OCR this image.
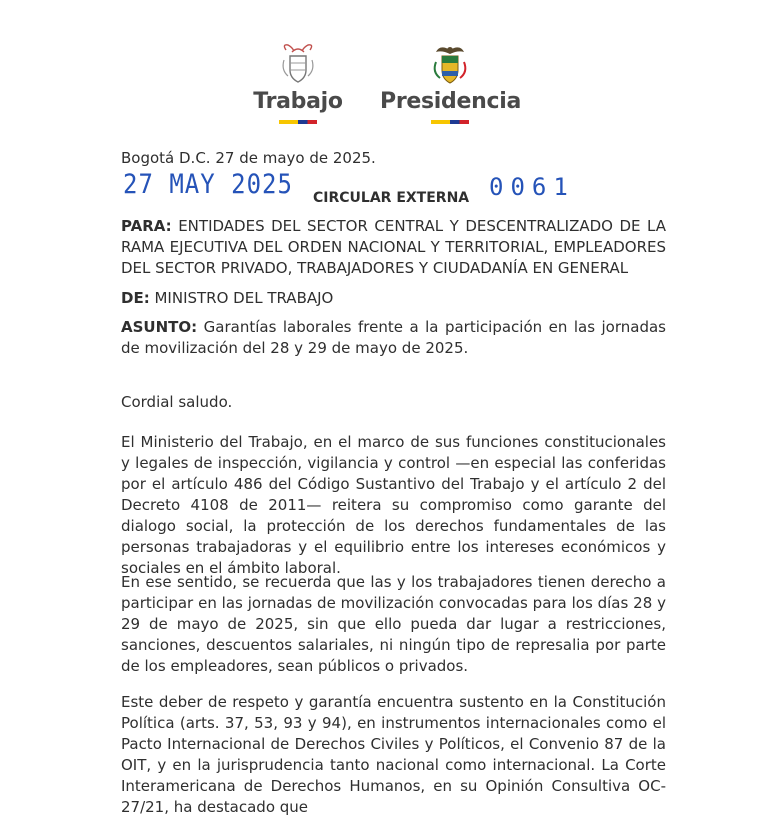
Trabajo Presidencia
Bogotá D.C. 27 de mayo de 2025.
27 MAY 2025 CIRCULAR EXTERNA 0061
PARA: ENTIDADES DEL SECTOR CENTRAL Y DESCENTRALIZADO DE LA RAMA EJECUTIVA DEL ORDEN NACIONAL Y TERRITORIAL, EMPLEADORES DEL SECTOR PRIVADO, TRABAJADORES Y CIUDADANÍA EN GENERAL
DE: MINISTRO DEL TRABAJO
ASUNTO: Garantías laborales frente a la participación en las jornadas de movilización del 28 y 29 de mayo de 2025.
Cordial saludo.
El Ministerio del Trabajo, en el marco de sus funciones constitucionales y legales de inspección, vigilancia y control —en especial las conferidas por el artículo 486 del Código Sustantivo del Trabajo y el artículo 2 del Decreto 4108 de 2011— reitera su compromiso como garante del dialogo social, la protección de los derechos fundamentales de las personas trabajadoras y el equilibrio entre los intereses económicos y sociales en el ámbito laboral.
En ese sentido, se recuerda que las y los trabajadores tienen derecho a participar en las jornadas de movilización convocadas para los días 28 y 29 de mayo de 2025, sin que ello pueda dar lugar a restricciones, sanciones, descuentos salariales, ni ningún tipo de represalia por parte de los empleadores, sean públicos o privados.
Este deber de respeto y garantía encuentra sustento en la Constitución Política (arts. 37, 53, 93 y 94), en instrumentos internacionales como el Pacto Internacional de Derechos Civiles y Políticos, el Convenio 87 de la OIT, y en la jurisprudencia tanto nacional como internacional. La Corte Interamericana de Derechos Humanos, en su Opinión Consultiva OC-27/21, ha destacado que
